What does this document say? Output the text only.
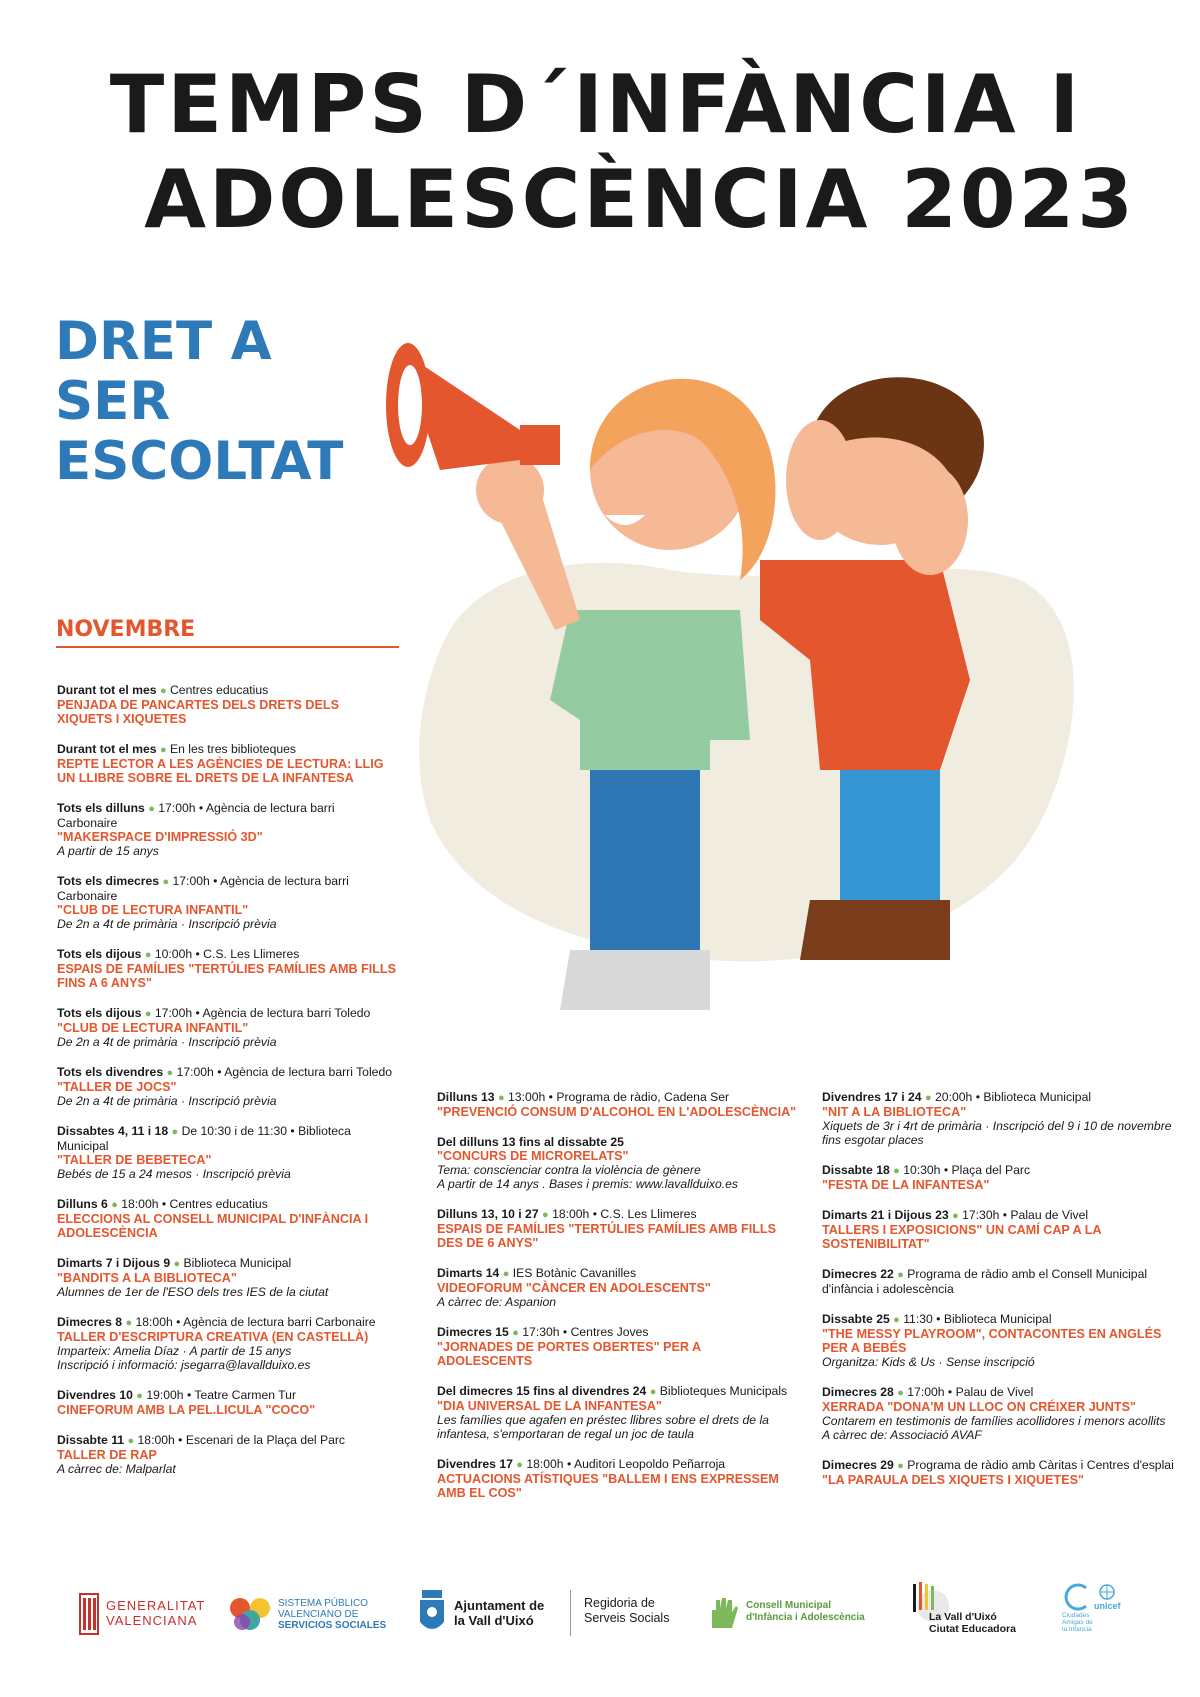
TEMPS D´INFÀNCIA I
ADOLESCÈNCIA 2023
DRET A
SER
ESCOLTAT
NOVEMBRE
Durant tot el mes ● Centres educatius
PENJADA DE PANCARTES DELS DRETS DELS XIQUETS I XIQUETES
Durant tot el mes ● En les tres biblioteques
REPTE LECTOR A LES AGÈNCIES DE LECTURA: LLIG UN LLIBRE SOBRE EL DRETS DE LA INFANTESA
Tots els dilluns ● 17:00h • Agència de lectura barri Carbonaire
"MAKERSPACE D'IMPRESSIÓ 3D"
A partir de 15 anys
Tots els dimecres ● 17:00h • Agència de lectura barri Carbonaire
"CLUB DE LECTURA INFANTIL"
De 2n a 4t de primària · Inscripció prèvia
Tots els dijous ● 10:00h • C.S. Les Llimeres
ESPAIS DE FAMÍLIES "TERTÚLIES FAMÍLIES AMB FILLS FINS A 6 ANYS"
Tots els dijous ● 17:00h • Agència de lectura barri Toledo
"CLUB DE LECTURA INFANTIL"
De 2n a 4t de primària · Inscripció prèvia
Tots els divendres ● 17:00h • Agència de lectura barri Toledo
"TALLER DE JOCS"
De 2n a 4t de primària · Inscripció prèvia
Dissabtes 4, 11 i 18 ● De 10:30 i de 11:30 • Biblioteca Municipal
"TALLER DE BEBETECA"
Bebés de 15 a 24 mesos · Inscripció prèvia
Dilluns 6 ● 18:00h • Centres educatius
ELECCIONS AL CONSELL MUNICIPAL D'INFÀNCIA I ADOLESCÈNCIA
Dimarts 7 i Dijous 9 ● Biblioteca Municipal
"BANDITS A LA BIBLIOTECA"
Alumnes de 1er de l'ESO dels tres IES de la ciutat
Dimecres 8 ● 18:00h • Agència de lectura barri Carbonaire
TALLER D'ESCRIPTURA CREATIVA (EN CASTELLÀ)
Imparteix: Amelia Díaz · A partir de 15 anys
Inscripció i informació: jsegarra@lavallduixo.es
Divendres 10 ● 19:00h • Teatre Carmen Tur
CINEFORUM AMB LA PEL.LICULA "COCO"
Dissabte 11 ● 18:00h • Escenari de la Plaça del Parc
TALLER DE RAP
A càrrec de: Malparlat
Dilluns 13 ● 13:00h • Programa de ràdio, Cadena Ser
"PREVENCIÓ CONSUM D'ALCOHOL EN L'ADOLESCÈNCIA"
Del dilluns 13 fins al dissabte 25
"CONCURS DE MICRORELATS"
Tema: conscienciar contra la violència de gènere
A partir de 14 anys . Bases i premis: www.lavallduixo.es
Dilluns 13, 10 i 27 ● 18:00h • C.S. Les Llimeres
ESPAIS DE FAMÍLIES "TERTÚLIES FAMÍLIES AMB FILLS DES DE 6 ANYS"
Dimarts 14 ● IES Botànic Cavanilles
VIDEOFORUM "CÀNCER EN ADOLESCENTS"
A càrrec de: Aspanion
Dimecres 15 ● 17:30h • Centres Joves
"JORNADES DE PORTES OBERTES" PER A ADOLESCENTS
Del dimecres 15 fins al divendres 24 ● Biblioteques Municipals
"DIA UNIVERSAL DE LA INFANTESA"
Les famílies que agafen en préstec llibres sobre el drets de la infantesa, s'emportaran de regal un joc de taula
Divendres 17 ● 18:00h • Auditori Leopoldo Peñarroja
ACTUACIONS ATÍSTIQUES "BALLEM I ENS EXPRESSEM AMB EL COS"
Divendres 17 i 24 ● 20:00h • Biblioteca Municipal
"NIT A LA BIBLIOTECA"
Xiquets de 3r i 4rt de primària · Inscripció del 9 i 10 de novembre fins esgotar places
Dissabte 18 ● 10:30h • Plaça del Parc
"FESTA DE LA INFANTESA"
Dimarts 21 i Dijous 23 ● 17:30h • Palau de Vivel
TALLERS I EXPOSICIONS" UN CAMÍ CAP A LA SOSTENIBILITAT"
Dimecres 22 ● Programa de ràdio amb el Consell Municipal d'infància i adolescència
Dissabte 25 ● 11:30 • Biblioteca Municipal
"THE MESSY PLAYROOM", CONTACONTES EN ANGLÉS PER A BEBÉS
Organitza: Kids & Us · Sense inscripció
Dimecres 28 ● 17:00h • Palau de Vivel
XERRADA "DONA'M UN LLOC ON CRÉIXER JUNTS"
Contarem en testimonis de famílies acollidores i menors acollits
A càrrec de: Associació AVAF
Dimecres 29 ● Programa de ràdio amb Càritas i Centres d'esplai
"LA PARAULA DELS XIQUETS I XIQUETES"
GENERALITAT
VALENCIANA
SISTEMA PÚBLICO
VALENCIANO DE
SERVICIOS SOCIALES
Ajuntament de
la Vall d'Uixó
Regidoria de
Serveis Socials
Consell Municipal
d'Infància i Adolescència	La Vall d'Uixó
Ciutat Educadora
unicef
Ciudades
Amigas de
la Infancia
